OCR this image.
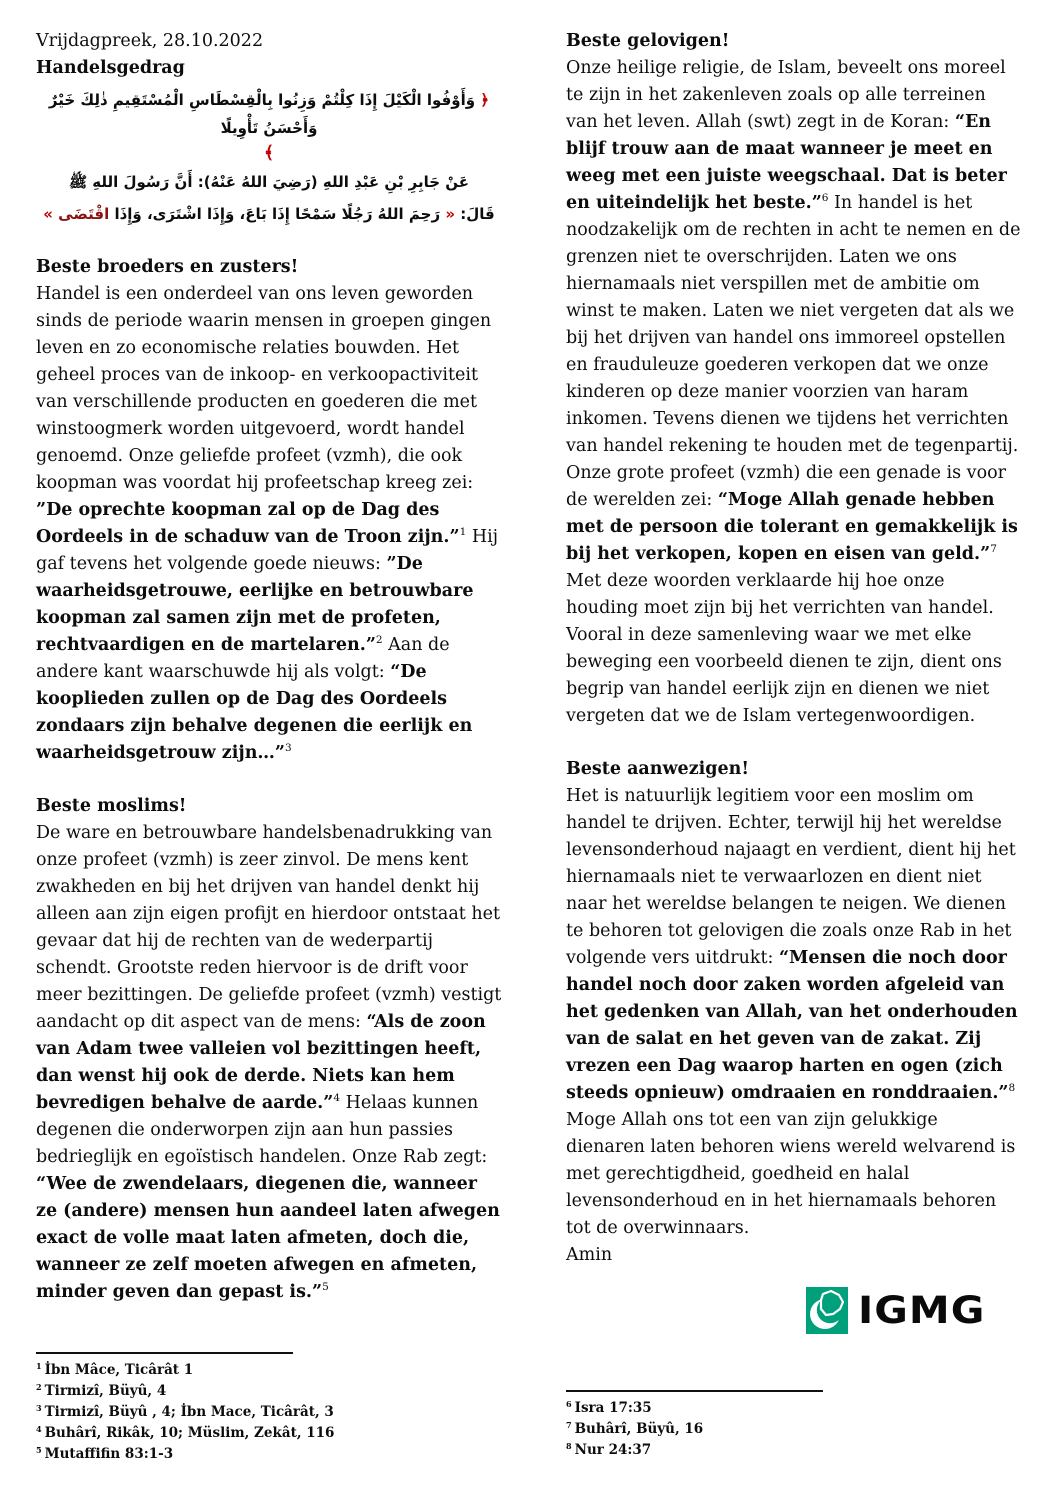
Vrijdagpreek, 28.10.2022
Handelsgedrag
﴿ وَأَوْفُوا الْكَيْلَ إِذَا كِلْتُمْ وَزِنُوا بِالْقِسْطَاسِ الْمُسْتَقِيمِ ذٰلِكَ خَيْرٌ وَأَحْسَنُ تَأْوِيلًا
﴾
عَنْ جَابِرِ بْنِ عَبْدِ اللهِ (رَضِيَ اللهُ عَنْهُ): أَنَّ رَسُولَ اللهِ ﷺ
قَالَ: « رَحِمَ اللهُ رَجُلًا سَمْحًا إِذَا بَاعَ، وَإِذَا اشْتَرَى، وَإِذَا اقْتَضَى »
Beste broeders en zusters!

Handel is een onderdeel van ons leven geworden sinds de periode waarin mensen in groepen gingen leven en zo economische relaties bouwden. Het geheel proces van de inkoop- en verkoopactiviteit van verschillende producten en goederen die met winstoogmerk worden uitgevoerd, wordt handel genoemd. Onze geliefde profeet (vzmh), die ook koopman was voordat hij profeetschap kreeg zei: ”De oprechte koopman zal op de Dag des Oordeels in de schaduw van de Troon zijn.”$^1$ Hij gaf tevens het volgende goede nieuws: ”De waarheidsgetrouwe, eerlijke en betrouwbare koopman zal samen zijn met de profeten, rechtvaardigen en de martelaren.”$^2$ Aan de andere kant waarschuwde hij als volgt: “De kooplieden zullen op de Dag des Oordeels zondaars zijn behalve degenen die eerlijk en waarheidsgetrouw zijn…”$^3$

Beste moslims!

De ware en betrouwbare handelsbenadrukking van onze profeet (vzmh) is zeer zinvol. De mens kent zwakheden en bij het drijven van handel denkt hij alleen aan zijn eigen profijt en hierdoor ontstaat het gevaar dat hij de rechten van de wederpartij schendt. Grootste reden hiervoor is de drift voor meer bezittingen. De geliefde profeet (vzmh) vestigt aandacht op dit aspect van de mens: “Als de zoon van Adam twee valleien vol bezittingen heeft, dan wenst hij ook de derde. Niets kan hem bevredigen behalve de aarde.”$^4$ Helaas kunnen degenen die onderworpen zijn aan hun passies bedrieglijk en egoïstisch handelen. Onze Rab zegt: “Wee de zwendelaars, diegenen die, wanneer ze (andere) mensen hun aandeel laten afwegen exact de volle maat laten afmeten, doch die, wanneer ze zelf moeten afwegen en afmeten, minder geven dan gepast is.”$^5$

Beste gelovigen!

Onze heilige religie, de Islam, beveelt ons moreel te zijn in het zakenleven zoals op alle terreinen van het leven. Allah (swt) zegt in de Koran: “En blijf trouw aan de maat wanneer je meet en weeg met een juiste weegschaal. Dat is beter en uiteindelijk het beste.”$^6$ In handel is het noodzakelijk om de rechten in acht te nemen en de grenzen niet te overschrijden. Laten we ons hiernamaals niet verspillen met de ambitie om winst te maken. Laten we niet vergeten dat als we bij het drijven van handel ons immoreel opstellen en frauduleuze goederen verkopen dat we onze kinderen op deze manier voorzien van haram inkomen. Tevens dienen we tijdens het verrichten van handel rekening te houden met de tegenpartij. Onze grote profeet (vzmh) die een genade is voor de werelden zei: “Moge Allah genade hebben met de persoon die tolerant en gemakkelijk is bij het verkopen, kopen en eisen van geld.”$^7$ Met deze woorden verklaarde hij hoe onze houding moet zijn bij het verrichten van handel. Vooral in deze samenleving waar we met elke beweging een voorbeeld dienen te zijn, dient ons begrip van handel eerlijk zijn en dienen we niet vergeten dat we de Islam vertegenwoordigen.

Beste aanwezigen!

Het is natuurlijk legitiem voor een moslim om handel te drijven. Echter, terwijl hij het wereldse levensonderhoud najaagt en verdient, dient hij het hiernamaals niet te verwaarlozen en dient niet naar het wereldse belangen te neigen. We dienen te behoren tot gelovigen die zoals onze Rab in het volgende vers uitdrukt: “Mensen die noch door handel noch door zaken worden afgeleid van het gedenken van Allah, van het onderhouden van de salat en het geven van de zakat. Zij vrezen een Dag waarop harten en ogen (zich steeds opnieuw) omdraaien en ronddraaien.”$^8$ Moge Allah ons tot een van zijn gelukkige dienaren laten behoren wiens wereld welvarend is met gerechtigdheid, goedheid en halal levensonderhoud en in het hiernamaals behoren tot de overwinnaars.
Amin

$^1$ İbn Mâce, Ticârât 1

$^2$ Tirmizî, Büyû, 4

$^3$ Tirmizî, Büyû , 4; İbn Mace, Ticârât, 3

$^4$ Buhârî, Rikâk, 10; Müslim, Zekât, 116

$^5$ Mutaffifin 83:1-3

$^6$ Isra 17:35

$^7$ Buhârî, Büyû, 16

$^8$ Nur 24:37

IGMG
